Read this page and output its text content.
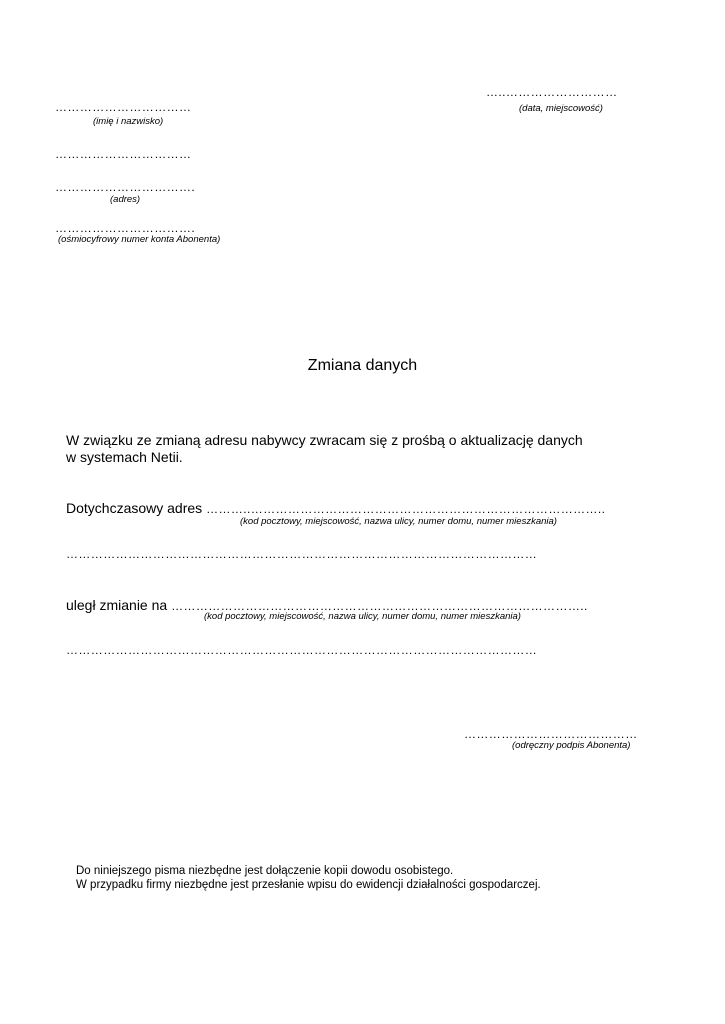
…..………………………
(data, miejscowość)
……………………………
(imię i nazwisko)
……………………………
…………………………….
(adres)
…………………………….
(ośmiocyfrowy numer konta Abonenta)
Zmiana danych
W związku ze zmianą adresu nabywcy zwracam się z prośbą o aktualizację danych
w systemach Netii.
Dotychczasowy adres ………..…………………………………………………………………………..
(kod pocztowy, miejscowość, nazwa ulicy, numer domu, numer mieszkania)
……………………………………………………………………………………………………
uległ zmianie na ………………………………………………………………………………………..
(kod pocztowy, miejscowość, nazwa ulicy, numer domu, numer mieszkania)
……………………………………………………………………………………………………
……………………………………
(odręczny podpis Abonenta)
Do niniejszego pisma niezbędne jest dołączenie kopii dowodu osobistego.
W przypadku firmy niezbędne jest przesłanie wpisu do ewidencji działalności gospodarczej.
